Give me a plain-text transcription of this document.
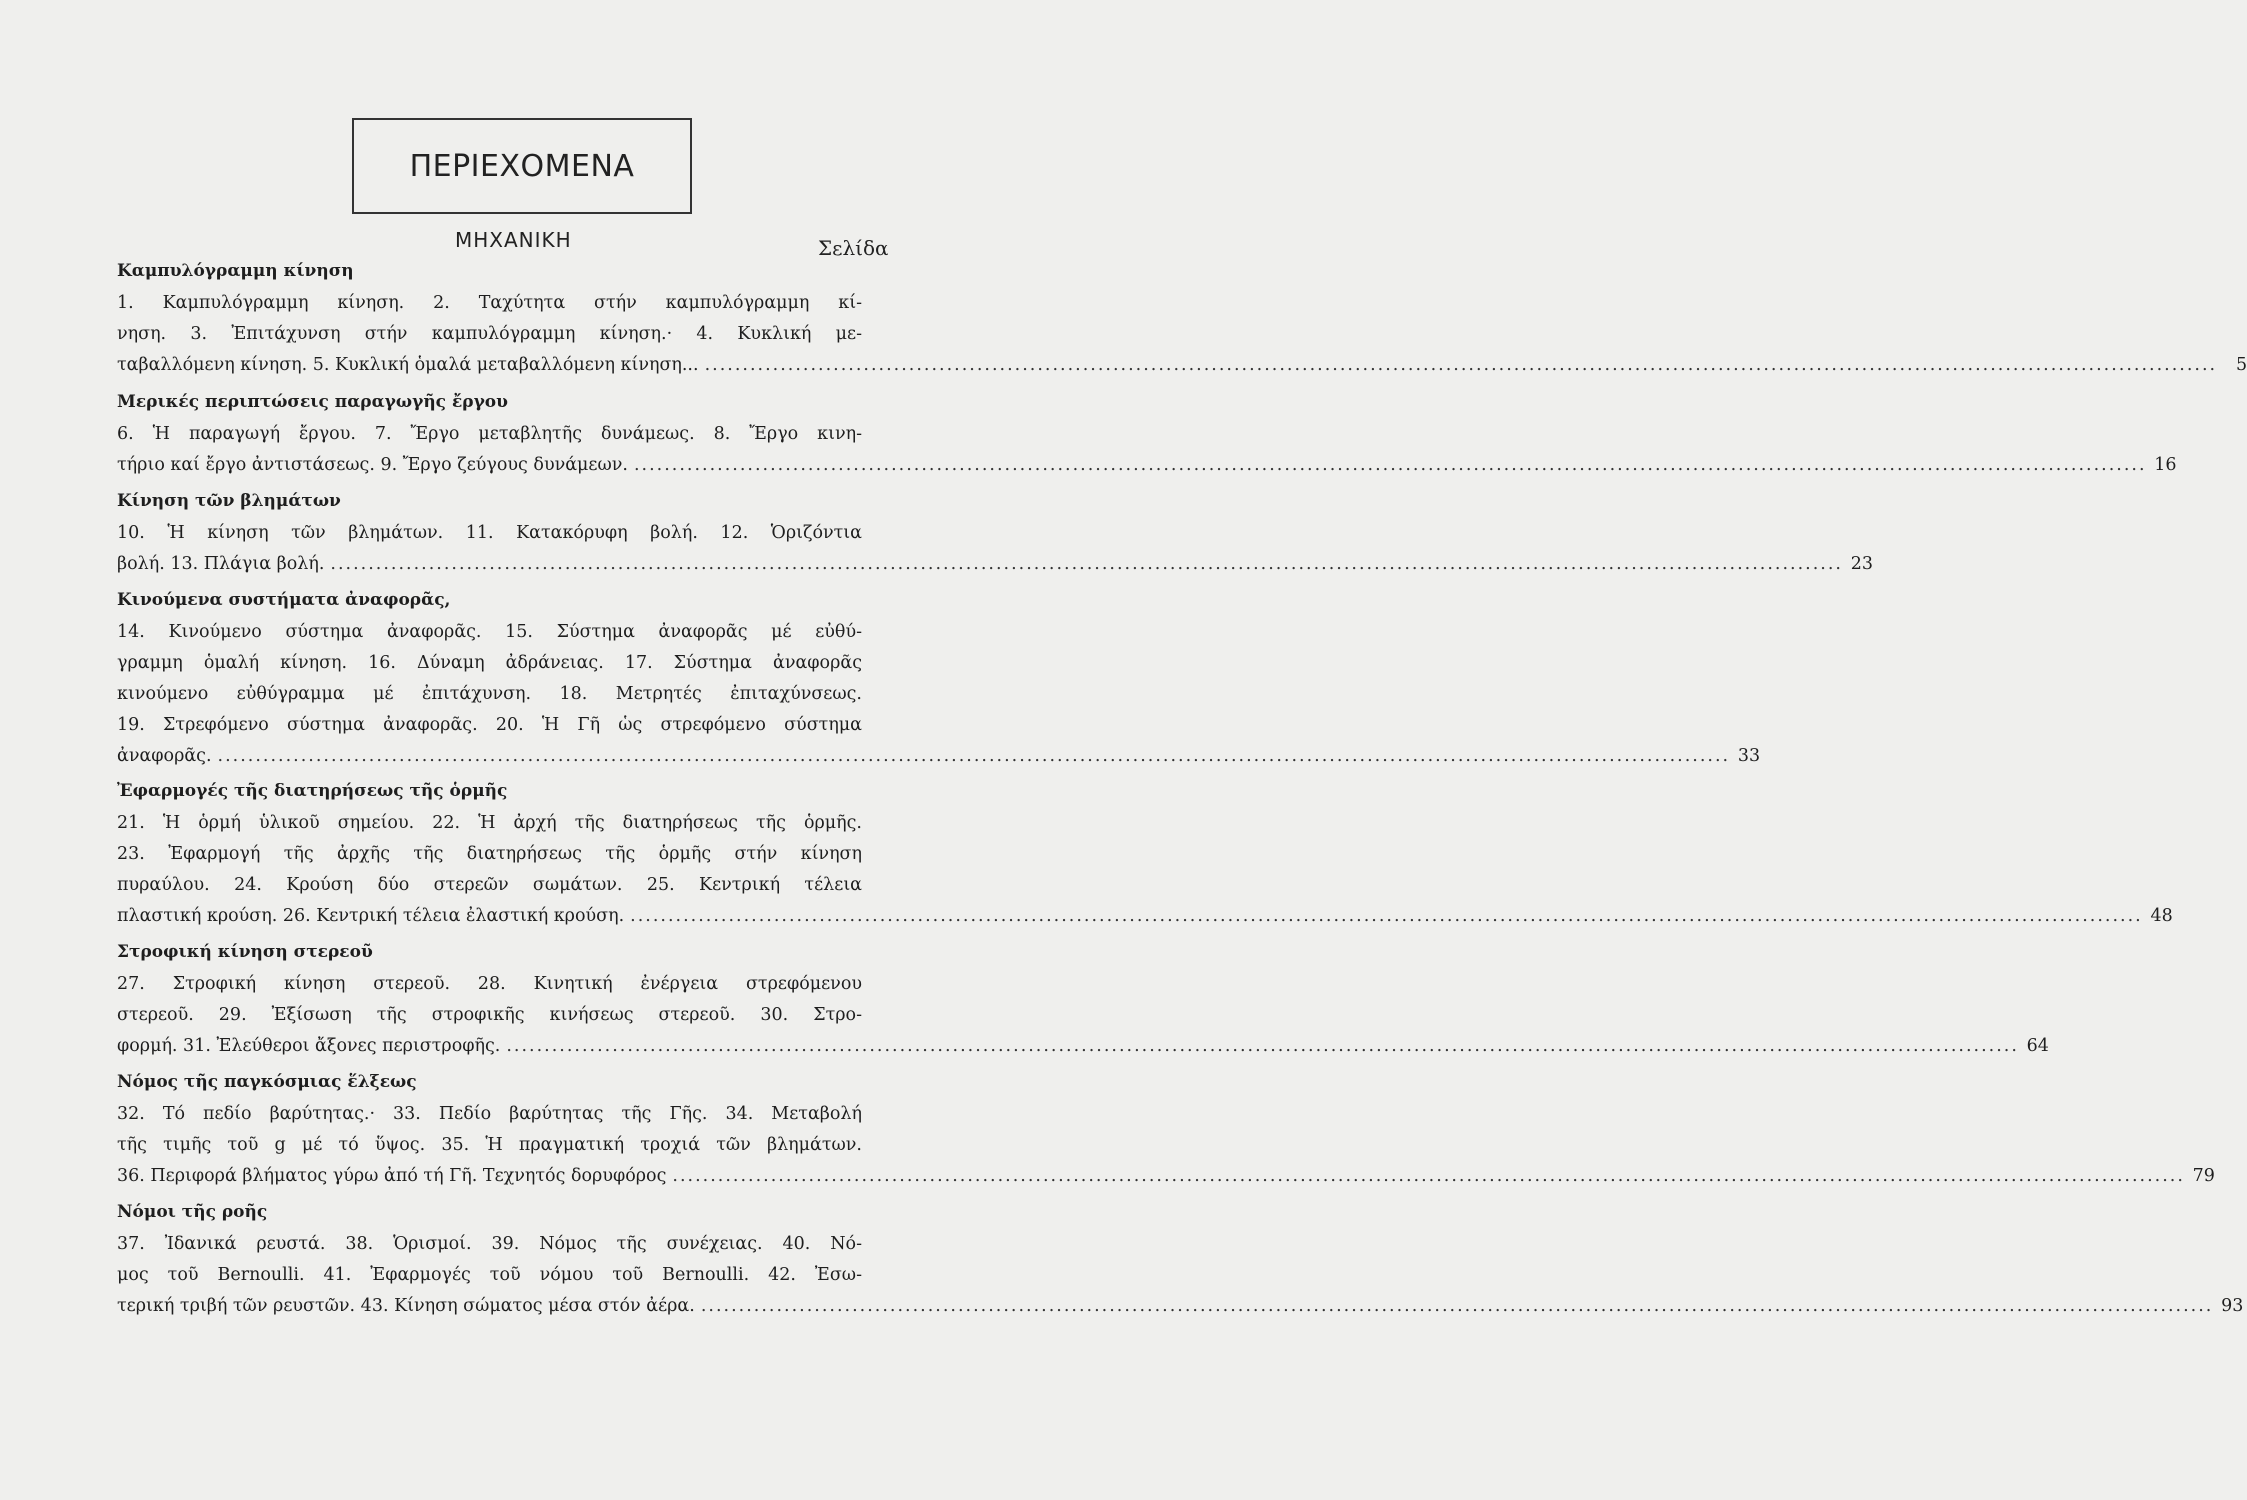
ΠΕΡΙΕΧΟΜΕΝΑ
ΜΗΧΑΝΙΚΗ	Σελίδα
Καμπυλόγραμμη κίνηση
1. Καμπυλόγραμμη κίνηση. 2. Ταχύτητα στήν καμπυλόγραμμη κί-
νηση. 3. Ἐπιτάχυνση στήν καμπυλόγραμμη κίνηση.· 4. Κυκλική με-
ταβαλλόμενη κίνηση. 5. Κυκλική ὁμαλά μεταβαλλόμενη κίνηση... ........................................................................................................................................................................................................	5
Μερικές περιπτώσεις παραγωγῆς ἔργου
6. Ἡ παραγωγή ἔργου. 7. Ἔργο μεταβλητῆς δυνάμεως. 8. Ἔργο κινη-
τήριο καί ἔργο ἀντιστάσεως. 9. Ἔργο ζεύγους δυνάμεων. ........................................................................................................................................................................................................ 16
Κίνηση τῶν βλημάτων
10. Ἡ κίνηση τῶν βλημάτων. 11. Κατακόρυφη βολή. 12. Ὁριζόντια
βολή. 13. Πλάγια βολή. ........................................................................................................................................................................................................ 23
Κινούμενα συστήματα ἀναφορᾶς,
14. Κινούμενο σύστημα ἀναφορᾶς. 15. Σύστημα ἀναφορᾶς μέ εὐθύ-
γραμμη ὁμαλή κίνηση. 16. Δύναμη ἀδράνειας. 17. Σύστημα ἀναφορᾶς
κινούμενο εὐθύγραμμα μέ ἐπιτάχυνση. 18. Μετρητές ἐπιταχύνσεως.
19. Στρεφόμενο σύστημα ἀναφορᾶς. 20. Ἡ Γῆ ὡς στρεφόμενο σύστημα
ἀναφορᾶς. ........................................................................................................................................................................................................ 33
Ἐφαρμογές τῆς διατηρήσεως τῆς ὁρμῆς
21. Ἡ ὁρμή ὑλικοῦ σημείου. 22. Ἡ ἀρχή τῆς διατηρήσεως τῆς ὁρμῆς.
23. Ἐφαρμογή τῆς ἀρχῆς τῆς διατηρήσεως τῆς ὁρμῆς στήν κίνηση
πυραύλου. 24. Κρούση δύο στερεῶν σωμάτων. 25. Κεντρική τέλεια
πλαστική κρούση. 26. Κεντρική τέλεια ἐλαστική κρούση. ........................................................................................................................................................................................................ 48
Στροφική κίνηση στερεοῦ
27. Στροφική κίνηση στερεοῦ. 28. Κινητική ἐνέργεια στρεφόμενου
στερεοῦ. 29. Ἐξίσωση τῆς στροφικῆς κινήσεως στερεοῦ. 30. Στρο-
φορμή. 31. Ἐλεύθεροι ἄξονες περιστροφῆς. ........................................................................................................................................................................................................ 64
Νόμος τῆς παγκόσμιας ἕλξεως
32. Τό πεδίο βαρύτητας.· 33. Πεδίο βαρύτητας τῆς Γῆς. 34. Μεταβολή
τῆς τιμῆς τοῦ g μέ τό ὕψος. 35. Ἡ πραγματική τροχιά τῶν βλημάτων.
36. Περιφορά βλήματος γύρω ἀπό τή Γῆ. Τεχνητός δορυφόρος ........................................................................................................................................................................................................ 79
Νόμοι τῆς ροῆς
37. Ἰδανικά ρευστά. 38. Ὁρισμοί. 39. Νόμος τῆς συνέχειας. 40. Νό-
μος τοῦ Bernoulli. 41. Ἐφαρμογές τοῦ νόμου τοῦ Bernoulli. 42. Ἐσω-
τερική τριβή τῶν ρευστῶν. 43. Κίνηση σώματος μέσα στόν ἀέρα. ........................................................................................................................................................................................................ 93
